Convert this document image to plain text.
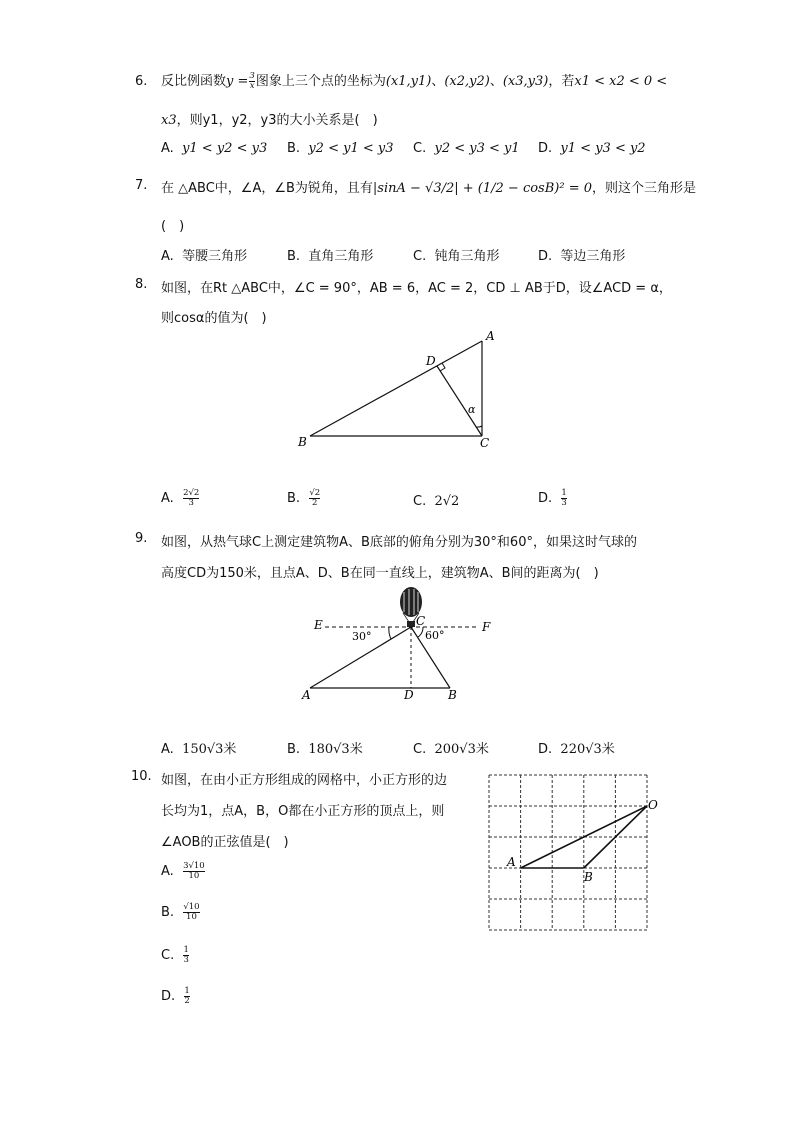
6. 反比例函数$y = \frac{3}{x}$ 图象上三个点的坐标为(x1,y1)、(x2,y2)、(x3,y3)，若x1 < x2 < 0 <
x3，则y1，y2，y3的大小关系是(　)
A. y1 < y2 < y3 B. y2 < y1 < y3 C. y2 < y3 < y1 D. y1 < y3 < y2
7. 在 △ABC中，∠A，∠B为锐角，且有|sinA − √3/2| + (1/2 − cosB)² = 0，则这个三角形是
(　)
A. 等腰三角形	B. 直角三角形	C. 钝角三角形	D. 等边三角形
8. 如图，在Rt △ABC中，∠C = 90°，AB = 6，AC = 2，CD ⊥ AB于D，设∠ACD = α，
则cosα的值为(　)
A
B	C
D
α
A. $\frac{2√2}{3}$	B. $\frac{√2}{2}$	C. 2√2	D. $\frac{1}{3}$
9. 如图，从热气球C上测定建筑物A、B底部的俯角分别为30°和60°，如果这时气球的
高度CD为150米，且点A、D、B在同一直线上，建筑物A、B间的距离为(　)
E	F
C
30°	60°
A	D	B
A. 150√3米	B. 180√3米	C. 200√3米	D. 220√3米
10. 如图，在由小正方形组成的网格中，小正方形的边
长均为1，点A，B，O都在小正方形的顶点上，则
∠AOB的正弦值是(　)
O
A
B
A. $\frac{3√10}{10}$
B. $\frac{√10}{10}$
C. $\frac{1}{3}$
D. $\frac{1}{2}$
